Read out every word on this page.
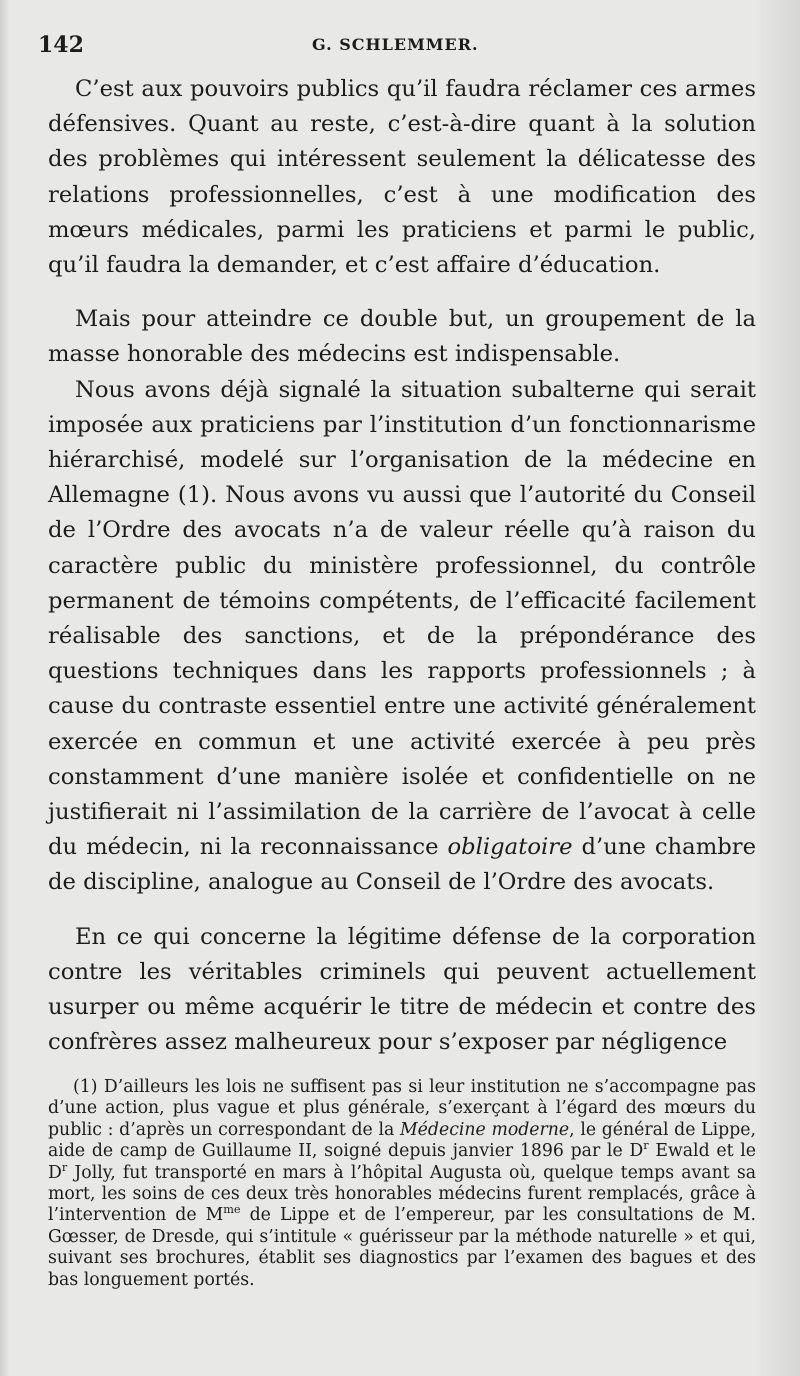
142	G. SCHLEMMER.

C’est aux pouvoirs publics qu’il faudra réclamer ces armes défensives. Quant au reste, c’est-à-dire quant à la solution des problèmes qui intéressent seulement la délicatesse des relations professionnelles, c’est à une modification des mœurs médicales, parmi les praticiens et parmi le public, qu’il faudra la demander, et c’est affaire d’éducation.

Mais pour atteindre ce double but, un groupement de la masse honorable des médecins est indispensable.

Nous avons déjà signalé la situation subalterne qui serait imposée aux praticiens par l’institution d’un fonctionnarisme hiérarchisé, modelé sur l’organisation de la médecine en Allemagne (1). Nous avons vu aussi que l’autorité du Conseil de l’Ordre des avocats n’a de valeur réelle qu’à raison du caractère public du ministère professionnel, du contrôle permanent de témoins compétents, de l’efficacité facilement réalisable des sanctions, et de la prépondérance des questions techniques dans les rapports professionnels ; à cause du contraste essentiel entre une activité généralement exercée en commun et une activité exercée à peu près constamment d’une manière isolée et confidentielle on ne justifierait ni l’assimilation de la carrière de l’avocat à celle du médecin, ni la reconnaissance obligatoire d’une chambre de discipline, analogue au Conseil de l’Ordre des avocats.

En ce qui concerne la légitime défense de la corporation contre les véritables criminels qui peuvent actuellement usurper ou même acquérir le titre de médecin et contre des confrères assez malheureux pour s’exposer par négligence

(1) D’ailleurs les lois ne suffisent pas si leur institution ne s’accompagne pas d’une action, plus vague et plus générale, s’exerçant à l’égard des mœurs du public : d’après un correspondant de la Médecine moderne, le général de Lippe, aide de camp de Guillaume II, soigné depuis janvier 1896 par le $D^r$ Ewald et le $D^r$ Jolly, fut transporté en mars à l’hôpital Augusta où, quelque temps avant sa mort, les soins de ces deux très honorables médecins furent remplacés, grâce à l’intervention de $M^{me}$ de Lippe et de l’empereur, par les consultations de M. Gœsser, de Dresde, qui s’intitule « guérisseur par la méthode naturelle » et qui, suivant ses brochures, établit ses diagnostics par l’examen des bagues et des bas longuement portés.
